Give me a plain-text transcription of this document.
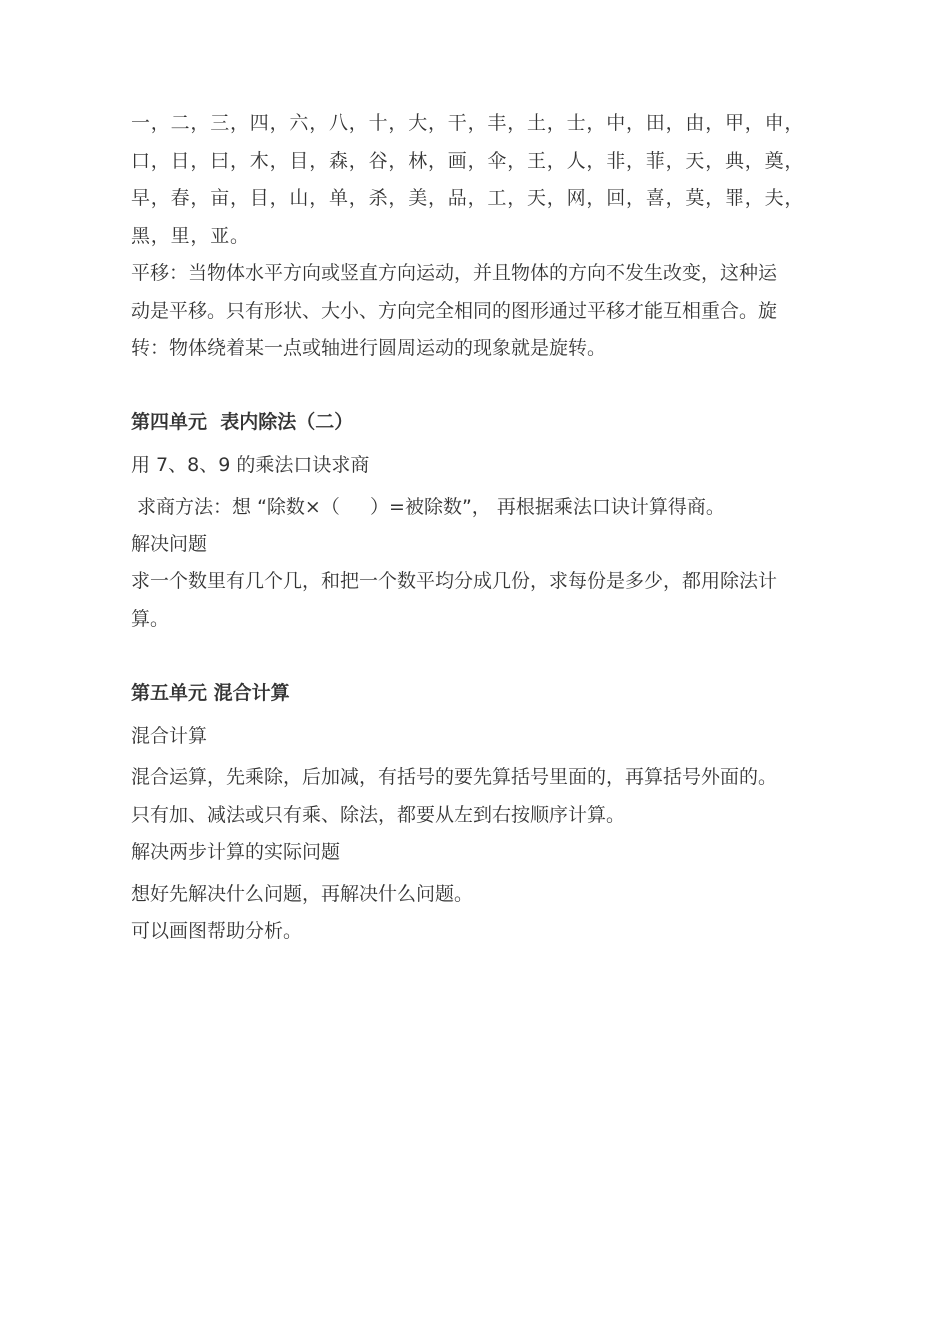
一，二，三，四，六，八，十，大，干，丰，土，士，中，田，由，甲，申，
口，日，曰，木，目，森，谷，林，画，伞，王，人，非，菲，天，典，奠，
早，春，亩，目，山，单，杀，美，品，工，天，网，回，喜，莫，罪，夫，
黑，里，亚。
平移：当物体水平方向或竖直方向运动，并且物体的方向不发生改变，这种运
动是平移。只有形状、大小、方向完全相同的图形通过平移才能互相重合。旋
转：物体绕着某一点或轴进行圆周运动的现象就是旋转。
第四单元  表内除法（二）
用 7、8、9 的乘法口诀求商
求商方法：想 “除数×（     ）=被除数”， 再根据乘法口诀计算得商。
解决问题
求一个数里有几个几，和把一个数平均分成几份，求每份是多少，都用除法计
算。
第五单元 混合计算
混合计算
混合运算，先乘除，后加减，有括号的要先算括号里面的，再算括号外面的。
只有加、减法或只有乘、除法，都要从左到右按顺序计算。
解决两步计算的实际问题
想好先解决什么问题，再解决什么问题。
可以画图帮助分析。
